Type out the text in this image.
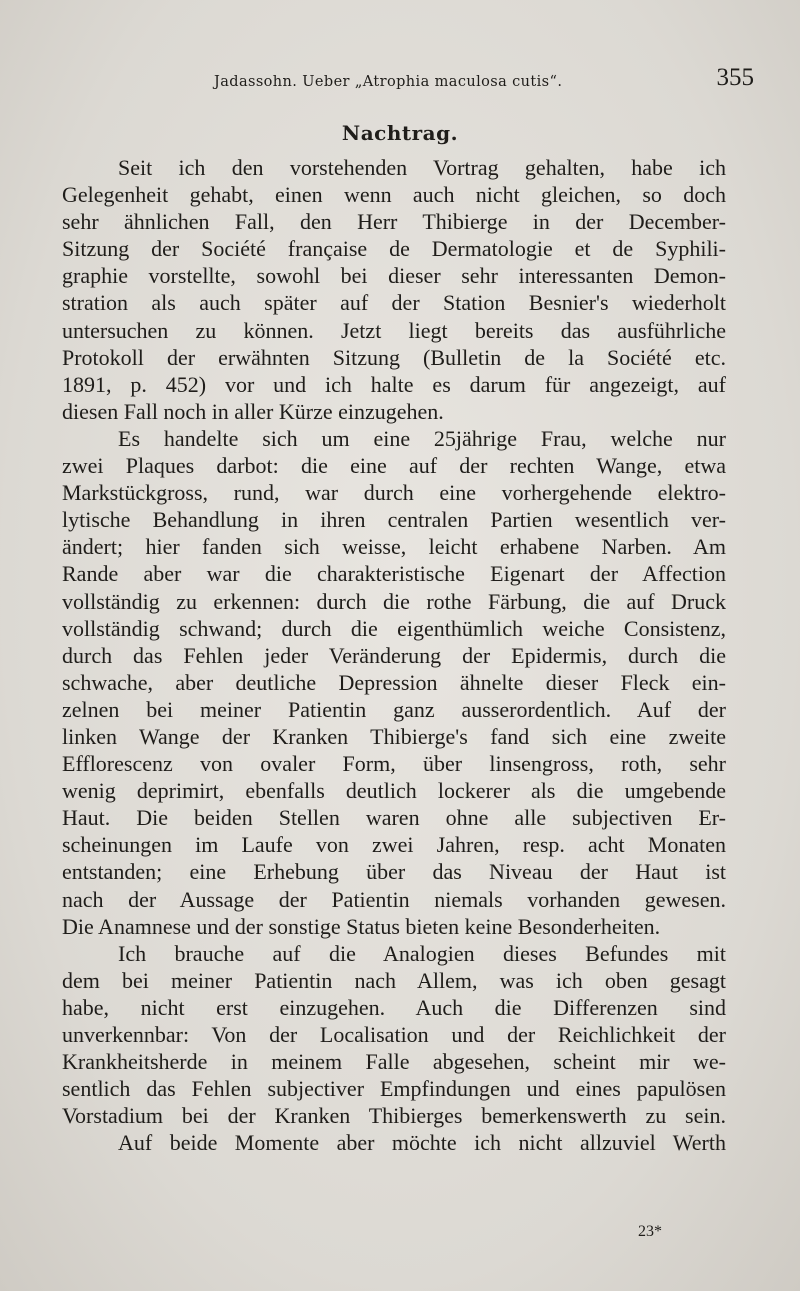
Jadassohn. Ueber „Atrophia maculosa cutis“.	355
Nachtrag.
Seit ich den vorstehenden Vortrag gehalten, habe ich
Gelegenheit gehabt, einen wenn auch nicht gleichen, so doch
sehr ähnlichen Fall, den Herr Thibierge in der December-
Sitzung der Société française de Dermatologie et de Syphili-
graphie vorstellte, sowohl bei dieser sehr interessanten Demon-
stration als auch später auf der Station Besnier's wiederholt
untersuchen zu können. Jetzt liegt bereits das ausführliche
Protokoll der erwähnten Sitzung (Bulletin de la Société etc.
1891, p. 452) vor und ich halte es darum für angezeigt, auf
diesen Fall noch in aller Kürze einzugehen.
Es handelte sich um eine 25jährige Frau, welche nur
zwei Plaques darbot: die eine auf der rechten Wange, etwa
Markstückgross, rund, war durch eine vorhergehende elektro-
lytische Behandlung in ihren centralen Partien wesentlich ver-
ändert; hier fanden sich weisse, leicht erhabene Narben. Am
Rande aber war die charakteristische Eigenart der Affection
vollständig zu erkennen: durch die rothe Färbung, die auf Druck
vollständig schwand; durch die eigenthümlich weiche Consistenz,
durch das Fehlen jeder Veränderung der Epidermis, durch die
schwache, aber deutliche Depression ähnelte dieser Fleck ein-
zelnen bei meiner Patientin ganz ausserordentlich. Auf der
linken Wange der Kranken Thibierge's fand sich eine zweite
Efflorescenz von ovaler Form, über linsengross, roth, sehr
wenig deprimirt, ebenfalls deutlich lockerer als die umgebende
Haut. Die beiden Stellen waren ohne alle subjectiven Er-
scheinungen im Laufe von zwei Jahren, resp. acht Monaten
entstanden; eine Erhebung über das Niveau der Haut ist
nach der Aussage der Patientin niemals vorhanden gewesen.
Die Anamnese und der sonstige Status bieten keine Besonderheiten.
Ich brauche auf die Analogien dieses Befundes mit
dem bei meiner Patientin nach Allem, was ich oben gesagt
habe, nicht erst einzugehen. Auch die Differenzen sind
unverkennbar: Von der Localisation und der Reichlichkeit der
Krankheitsherde in meinem Falle abgesehen, scheint mir we-
sentlich das Fehlen subjectiver Empfindungen und eines papulösen
Vorstadium bei der Kranken Thibierges bemerkenswerth zu sein.
Auf beide Momente aber möchte ich nicht allzuviel Werth
23*
